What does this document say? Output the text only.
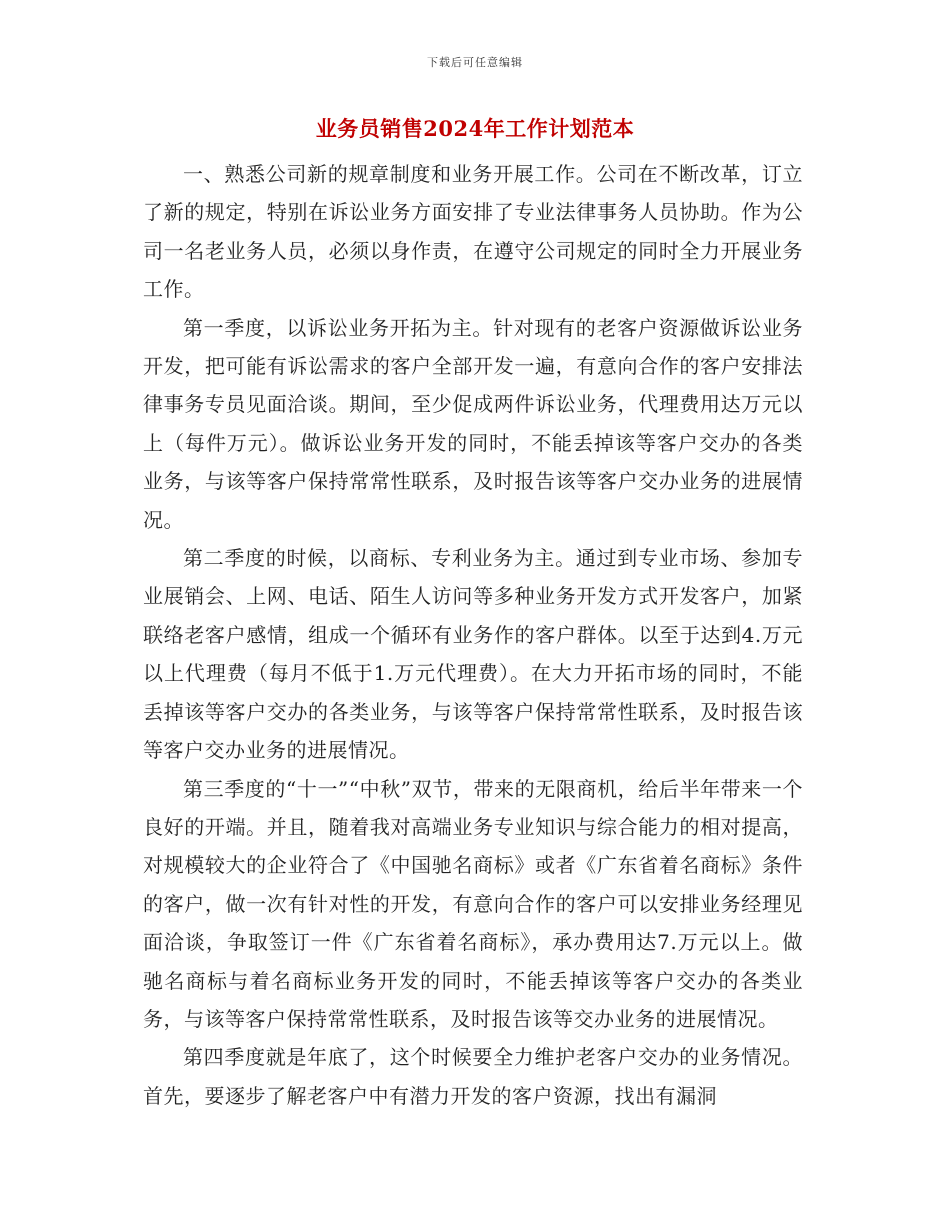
下载后可任意编辑
业务员销售2024年工作计划范本

一、熟悉公司新的规章制度和业务开展工作。公司在不断改革，订立了新的规定，特别在诉讼业务方面安排了专业法律事务人员协助。作为公司一名老业务人员，必须以身作责，在遵守公司规定的同时全力开展业务工作。

第一季度，以诉讼业务开拓为主。针对现有的老客户资源做诉讼业务开发，把可能有诉讼需求的客户全部开发一遍，有意向合作的客户安排法律事务专员见面洽谈。期间，至少促成两件诉讼业务，代理费用达万元以上（每件万元）。做诉讼业务开发的同时，不能丢掉该等客户交办的各类业务，与该等客户保持常常性联系，及时报告该等客户交办业务的进展情况。

第二季度的时候，以商标、专利业务为主。通过到专业市场、参加专业展销会、上网、电话、陌生人访问等多种业务开发方式开发客户，加紧联络老客户感情，组成一个循环有业务作的客户群体。以至于达到4.万元以上代理费（每月不低于1.万元代理费）。在大力开拓市场的同时，不能丢掉该等客户交办的各类业务，与该等客户保持常常性联系，及时报告该等客户交办业务的进展情况。

第三季度的“十一”“中秋”双节，带来的无限商机，给后半年带来一个良好的开端。并且，随着我对高端业务专业知识与综合能力的相对提高，对规模较大的企业符合了《中国驰名商标》或者《广东省着名商标》条件的客户，做一次有针对性的开发，有意向合作的客户可以安排业务经理见面洽谈，争取签订一件《广东省着名商标》，承办费用达7.万元以上。做驰名商标与着名商标业务开发的同时，不能丢掉该等客户交办的各类业务，与该等客户保持常常性联系，及时报告该等交办业务的进展情况。

第四季度就是年底了，这个时候要全力维护老客户交办的业务情况。首先，要逐步了解老客户中有潜力开发的客户资源，找出有漏洞
